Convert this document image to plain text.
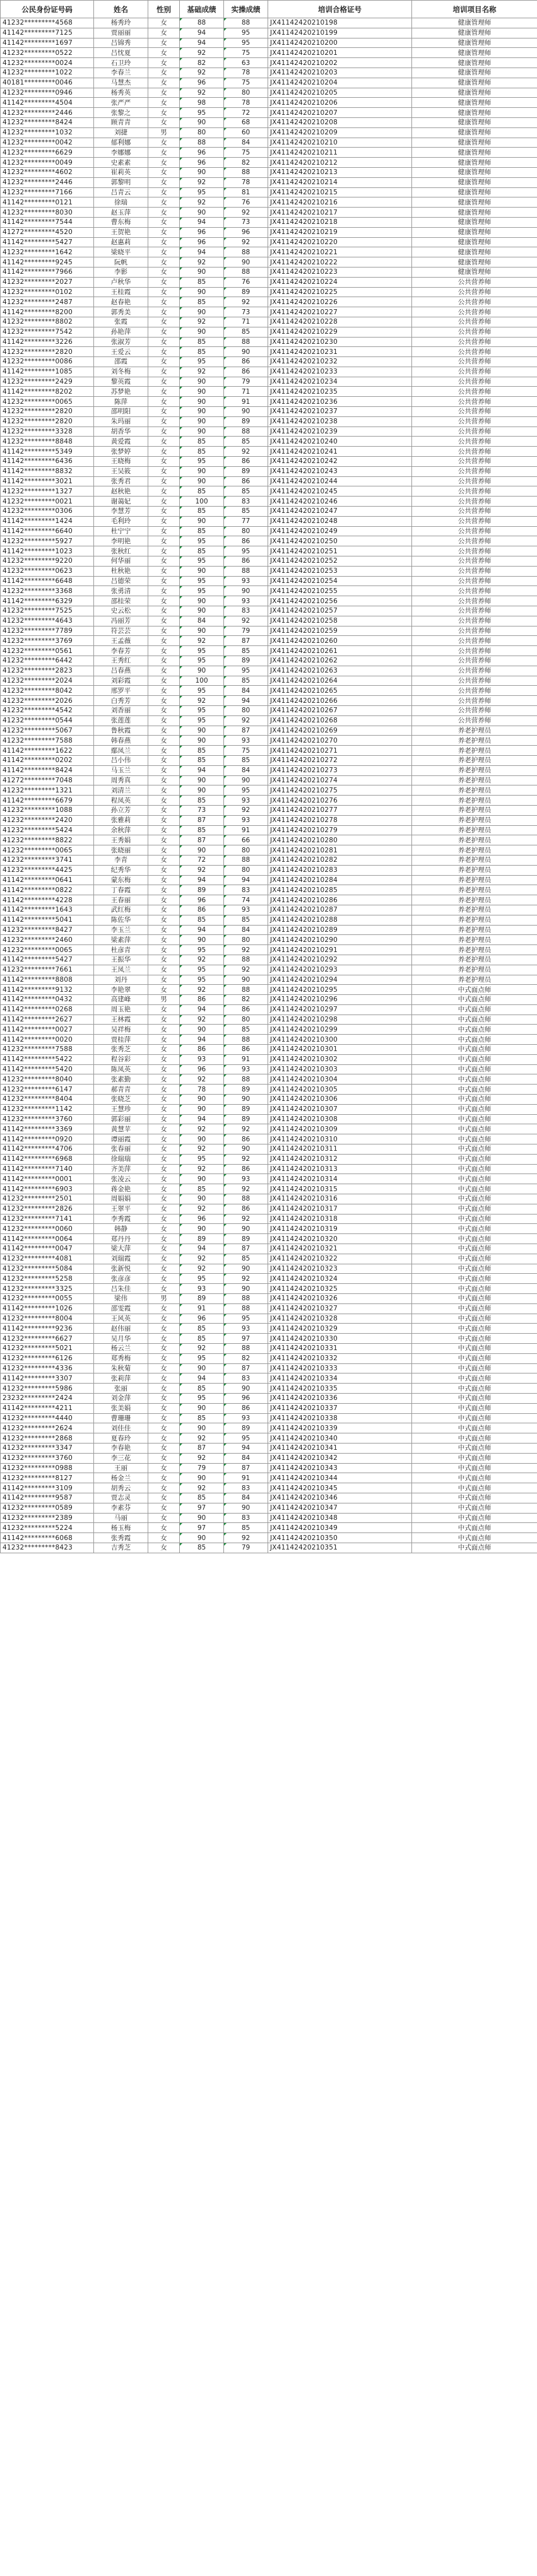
公民身份证号码	姓名	性别	基础成绩	实操成绩	培训合格证号	培训项目名称
41232*********4568	杨秀玲	女	88	88	JX41142420210198	健康管理师
41142*********7125	贾丽丽	女	94	95	JX41142420210199	健康管理师
41142*********1697	吕锦秀	女	94	95	JX41142420210200	健康管理师
41232*********0522	吕忱夏	女	92	75	JX41142420210201	健康管理师
41232*********0024	石卫玲	女	82	63	JX41142420210202	健康管理师
41232*********1022	李春兰	女	92	78	JX41142420210203	健康管理师
40181*********0046	马慧杰	女	96	75	JX41142420210204	健康管理师
41232*********0946	杨秀英	女	92	80	JX41142420210205	健康管理师
41142*********4504	张严严	女	98	78	JX41142420210206	健康管理师
41232*********2446	张黎之	女	95	72	JX41142420210207	健康管理师
41232*********8424	顾青青	女	90	68	JX41142420210208	健康管理师
41232*********1032	刘捷	男	80	60	JX41142420210209	健康管理师
41232*********0042	郁利娜	女	88	84	JX41142420210210	健康管理师
41232*********6629	李娜娜	女	96	75	JX41142420210211	健康管理师
41232*********0049	史素素	女	96	82	JX41142420210212	健康管理师
41232*********4602	崔莉英	女	90	88	JX41142420210213	健康管理师
41232*********2446	郭黎明	女	92	78	JX41142420210214	健康管理师
41232*********7166	吕青云	女	95	81	JX41142420210215	健康管理师
41142*********0121	徐瑞	女	92	76	JX41142420210216	健康管理师
41232*********8030	赵玉萍	女	90	92	JX41142420210217	健康管理师
41142*********7544	曹东梅	女	94	73	JX41142420210218	健康管理师
41272*********4520	王贺艳	女	96	96	JX41142420210219	健康管理师
41142*********5427	赵惠莉	女	96	92	JX41142420210220	健康管理师
41232*********1642	梁晓平	女	94	88	JX41142420210221	健康管理师
41142*********9245	阮帆	女	92	90	JX41142420210222	健康管理师
41142*********7966	李影	女	90	88	JX41142420210223	健康管理师
41232*********2027	卢秋华	女	85	76	JX41142420210224	公共营养师
41232*********0102	王桂霞	女	90	89	JX41142420210225	公共营养师
41232*********2487	赵春艳	女	85	92	JX41142420210226	公共营养师
41142*********8200	郭秀美	女	90	73	JX41142420210227	公共营养师
41232*********8802	张霞	女	92	71	JX41142420210228	公共营养师
41232*********7542	孙艳萍	女	90	85	JX41142420210229	公共营养师
41142*********3226	张淑芳	女	85	88	JX41142420210230	公共营养师
41232*********2820	王爱云	女	85	90	JX41142420210231	公共营养师
41232*********0086	邵霞	女	95	86	JX41142420210232	公共营养师
41142*********1085	刘冬梅	女	92	86	JX41142420210233	公共营养师
41232*********2429	黎英霞	女	90	79	JX41142420210234	公共营养师
41142*********8202	苏梦艳	女	90	71	JX41142420210235	公共营养师
41232*********0065	陈萍	女	90	91	JX41142420210236	公共营养师
41232*********2820	邵明阳	女	90	90	JX41142420210237	公共营养师
41232*********2820	朱玛丽	女	90	89	JX41142420210238	公共营养师
41232*********3328	胡香华	女	90	88	JX41142420210239	公共营养师
41232*********8848	黄爱霞	女	85	85	JX41142420210240	公共营养师
41142*********5349	张梦婷	女	85	92	JX41142420210241	公共营养师
41142*********6436	王晓梅	女	95	86	JX41142420210242	公共营养师
41142*********8832	王吴筱	女	90	89	JX41142420210243	公共营养师
41142*********3021	张秀君	女	90	86	JX41142420210244	公共营养师
41232*********1327	赵秋艳	女	85	85	JX41142420210245	公共营养师
41232*********0021	谢蔼妃	女	100	83	JX41142420210246	公共营养师
41232*********0306	李慧芳	女	85	85	JX41142420210247	公共营养师
41142*********1424	毛利玲	女	90	77	JX41142420210248	公共营养师
41142*********6640	杜宁宁	女	85	80	JX41142420210249	公共营养师
41232*********5927	李明艳	女	95	86	JX41142420210250	公共营养师
41142*********1023	张秋红	女	85	95	JX41142420210251	公共营养师
41232*********9220	何华丽	女	95	86	JX41142420210252	公共营养师
41232*********0623	杜秋艳	女	90	88	JX41142420210253	公共营养师
41142*********6648	吕德荣	女	95	93	JX41142420210254	公共营养师
41232*********3368	张勇清	女	95	90	JX41142420210255	公共营养师
41142*********6329	邵桂荣	女	90	93	JX41142420210256	公共营养师
41232*********7525	史云松	女	90	83	JX41142420210257	公共营养师
41232*********4643	冯丽芳	女	84	92	JX41142420210258	公共营养师
41232*********7789	符芸芸	女	90	79	JX41142420210259	公共营养师
41232*********3769	王孟薇	女	92	87	JX41142420210260	公共营养师
41232*********0561	李春芳	女	95	85	JX41142420210261	公共营养师
41232*********6442	王秀红	女	95	89	JX41142420210262	公共营养师
41232*********2823	吕春燕	女	90	95	JX41142420210263	公共营养师
41232*********2024	刘彩霞	女	100	85	JX41142420210264	公共营养师
41232*********8042	邢罗平	女	95	84	JX41142420210265	公共营养师
41232*********2026	白秀芳	女	92	94	JX41142420210266	公共营养师
41232*********4542	刘香丽	女	95	80	JX41142420210267	公共营养师
41232*********0544	张莲莲	女	95	92	JX41142420210268	公共营养师
41232*********5067	鲁秋霞	女	90	87	JX41142420210269	养老护理员
41232*********7588	韩春燕	女	90	93	JX41142420210270	养老护理员
41142*********1622	鄢凤兰	女	85	75	JX41142420210271	养老护理员
41142*********0202	吕小伟	女	85	85	JX41142420210272	养老护理员
41142*********8424	马玉兰	女	94	84	JX41142420210273	养老护理员
41272*********7048	周秀真	女	90	90	JX41142420210274	养老护理员
41232*********1321	刘清兰	女	90	95	JX41142420210275	养老护理员
41142*********6679	程凤英	女	85	93	JX41142420210276	养老护理员
41232*********1088	孙立芳	女	73	92	JX41142420210277	养老护理员
41232*********2420	张雅莉	女	87	93	JX41142420210278	养老护理员
41232*********5424	余秋萍	女	85	91	JX41142420210279	养老护理员
41232*********8822	王秀娟	女	87	66	JX41142420210280	养老护理员
41232*********0065	张晓丽	女	90	80	JX41142420210281	养老护理员
41232*********3741	李青	女	72	88	JX41142420210282	养老护理员
41232*********4425	纪秀华	女	92	80	JX41142420210283	养老护理员
41142*********0641	蒙东梅	女	94	94	JX41142420210284	养老护理员
41142*********0822	丁春霞	女	89	83	JX41142420210285	养老护理员
41142*********4228	王春丽	女	96	74	JX41142420210286	养老护理员
41142*********1643	武红梅	女	86	93	JX41142420210287	养老护理员
41142*********5041	陈佐华	女	85	85	JX41142420210288	养老护理员
41232*********8427	李玉兰	女	94	84	JX41142420210289	养老护理员
41232*********2460	梁素萍	女	90	80	JX41142420210290	养老护理员
41232*********0065	杜彦青	女	95	92	JX41142420210291	养老护理员
41142*********5427	王振华	女	92	88	JX41142420210292	养老护理员
41232*********7661	王凤兰	女	95	92	JX41142420210293	养老护理员
41142*********8808	刘丹	女	95	90	JX41142420210294	养老护理员
41142*********9132	李艳翠	女	92	88	JX41142420210295	中式面点师
41142*********0432	高建峰	男	86	82	JX41142420210296	中式面点师
41142*********0268	周玉艳	女	94	86	JX41142420210297	中式面点师
41142*********2627	王林霞	女	92	80	JX41142420210298	中式面点师
41142*********0027	吴祥梅	女	90	85	JX41142420210299	中式面点师
41142*********0020	贾桂萍	女	94	88	JX41142420210300	中式面点师
41232*********7588	张秀芝	女	86	86	JX41142420210301	中式面点师
41142*********5422	程谷彩	女	93	91	JX41142420210302	中式面点师
41142*********5420	陈凤英	女	96	93	JX41142420210303	中式面点师
41232*********8040	张素勤	女	92	88	JX41142420210304	中式面点师
41232*********6147	郝青青	女	78	89	JX41142420210305	中式面点师
41232*********8404	张晓芝	女	90	90	JX41142420210306	中式面点师
41232*********1142	王慧珍	女	90	89	JX41142420210307	中式面点师
41232*********3760	郭彩丽	女	94	89	JX41142420210308	中式面点师
41142*********3369	黄慧苹	女	92	92	JX41142420210309	中式面点师
41142*********0920	谭丽霞	女	90	86	JX41142420210310	中式面点师
41142*********4706	张春丽	女	92	90	JX41142420210311	中式面点师
41142*********6968	徐瑞瑞	女	95	92	JX41142420210312	中式面点师
41142*********7140	齐美萍	女	92	86	JX41142420210313	中式面点师
41142*********0001	张凌云	女	90	93	JX41142420210314	中式面点师
41142*********6903	蒋金艳	女	85	92	JX41142420210315	中式面点师
41232*********2501	周娟娟	女	90	88	JX41142420210316	中式面点师
41232*********2826	王翠平	女	92	86	JX41142420210317	中式面点师
41232*********7141	李秀霞	女	96	92	JX41142420210318	中式面点师
41232*********0060	韩静	女	90	90	JX41142420210319	中式面点师
41142*********0064	郑丹丹	女	89	89	JX41142420210320	中式面点师
41142*********0047	梁大萍	女	94	87	JX41142420210321	中式面点师
41232*********4081	刘瑞霞	女	92	85	JX41142420210322	中式面点师
41232*********5084	张新悦	女	92	90	JX41142420210323	中式面点师
41232*********5258	张彦彦	女	95	92	JX41142420210324	中式面点师
41232*********3325	吕朱佳	女	93	90	JX41142420210325	中式面点师
41232*********0055	梁伟	男	89	88	JX41142420210326	中式面点师
41142*********1026	邵雯霞	女	91	88	JX41142420210327	中式面点师
41232*********8004	王风英	女	96	95	JX41142420210328	中式面点师
41142*********9236	赵伟丽	女	85	93	JX41142420210329	中式面点师
41232*********6627	吴月华	女	85	97	JX41142420210330	中式面点师
41232*********5021	杨云兰	女	92	88	JX41142420210331	中式面点师
41232*********6126	郑秀梅	女	95	82	JX41142420210332	中式面点师
41232*********4336	朱秋菊	女	90	87	JX41142420210333	中式面点师
41142*********3307	张莉萍	女	94	83	JX41142420210334	中式面点师
41232*********5986	张丽	女	85	90	JX41142420210335	中式面点师
23232*********2424	刘金萍	女	95	96	JX41142420210336	中式面点师
41142*********4211	张美娟	女	90	86	JX41142420210337	中式面点师
41232*********4440	曹珊珊	女	85	93	JX41142420210338	中式面点师
41232*********2624	刘佳佳	女	90	89	JX41142420210339	中式面点师
41232*********2868	夏春玲	女	92	95	JX41142420210340	中式面点师
41232*********3347	李春艳	女	87	94	JX41142420210341	中式面点师
41232*********3760	李三花	女	92	84	JX41142420210342	中式面点师
41232*********0988	王丽	女	79	87	JX41142420210343	中式面点师
41232*********8127	杨金兰	女	90	91	JX41142420210344	中式面点师
41142*********3109	胡秀云	女	92	83	JX41142420210345	中式面点师
41142*********9587	贾志灵	女	85	84	JX41142420210346	中式面点师
41232*********0589	李素芬	女	97	90	JX41142420210347	中式面点师
41232*********2389	马丽	女	90	83	JX41142420210348	中式面点师
41232*********5224	杨玉梅	女	97	85	JX41142420210349	中式面点师
41142*********6068	张秀霞	女	90	92	JX41142420210350	中式面点师
41232*********8423	吉秀芝	女	85	79	JX41142420210351	中式面点师
